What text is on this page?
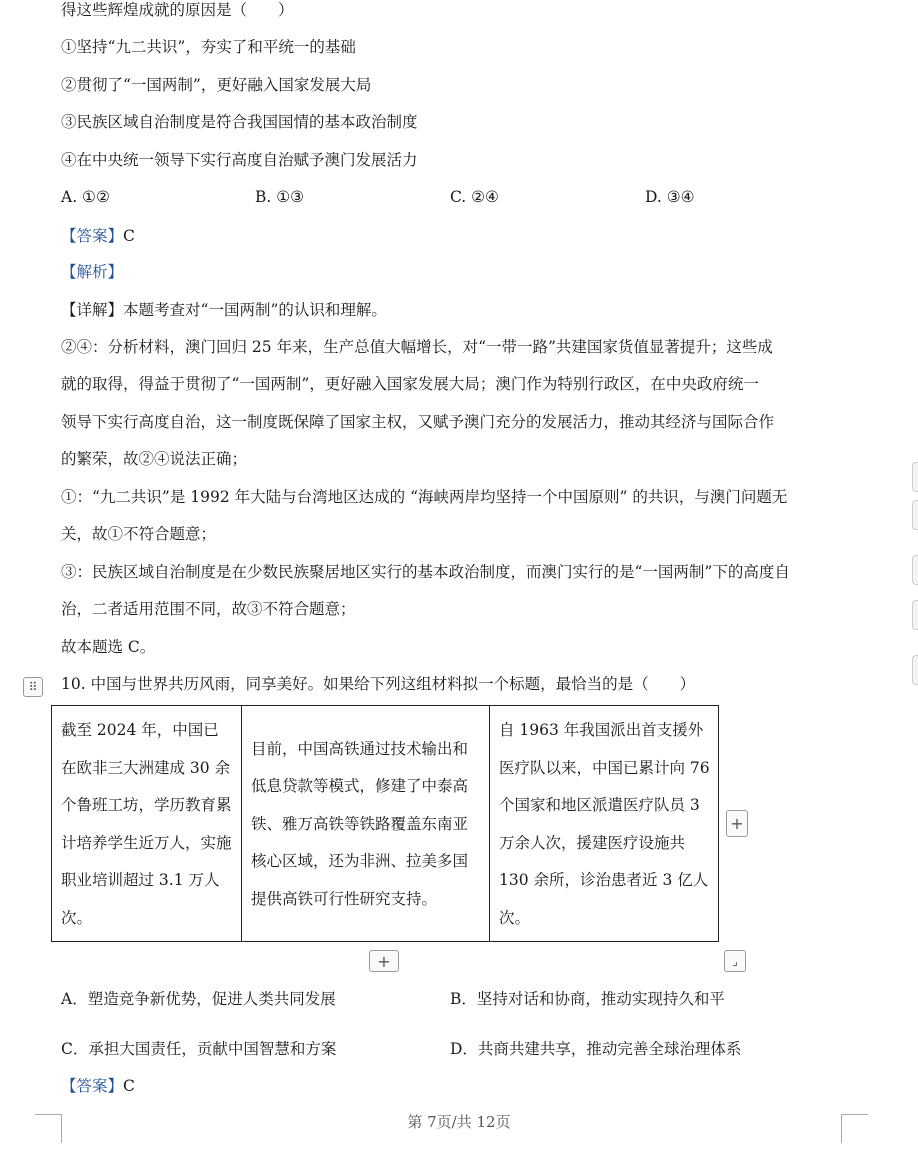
得这些辉煌成就的原因是（　　）
①坚持“九二共识”，夯实了和平统一的基础
②贯彻了“一国两制”，更好融入国家发展大局
③民族区域自治制度是符合我国国情的基本政治制度
④在中央统一领导下实行高度自治赋予澳门发展活力
A. ①②	B. ①③	C. ②④	D. ③④
【答案】C
【解析】
【详解】本题考查对“一国两制”的认识和理解。
②④：分析材料，澳门回归 25 年来，生产总值大幅增长，对“一带一路”共建国家货值显著提升；这些成
就的取得，得益于贯彻了“一国两制”，更好融入国家发展大局；澳门作为特别行政区，在中央政府统一
领导下实行高度自治，这一制度既保障了国家主权，又赋予澳门充分的发展活力，推动其经济与国际合作
的繁荣，故②④说法正确；
①：“九二共识”是 1992 年大陆与台湾地区达成的 “海峡两岸均坚持一个中国原则” 的共识，与澳门问题无
关，故①不符合题意；
③：民族区域自治制度是在少数民族聚居地区实行的基本政治制度，而澳门实行的是“一国两制”下的高度自
治，二者适用范围不同，故③不符合题意；
故本题选 C。
⠿	10. 中国与世界共历风雨，同享美好。如果给下列这组材料拟一个标题，最恰当的是（　　）
截至 2024 年，中国已在欧非三大洲建成 30 余个鲁班工坊，学历教育累计培养学生近万人，实施职业培训超过 3.1 万人次。	目前，中国高铁通过技术输出和低息贷款等模式，修建了中泰高铁、雅万高铁等铁路覆盖东南亚核心区域，还为非洲、拉美多国提供高铁可行性研究支持。	自 1963 年我国派出首支援外医疗队以来，中国已累计向 76 个国家和地区派遣医疗队员 3 万余人次，援建医疗设施共 130 余所，诊治患者近 3 亿人次。
+
+	⌟
A．塑造竞争新优势，促进人类共同发展	B．坚持对话和协商，推动实现持久和平
C．承担大国责任，贡献中国智慧和方案	D．共商共建共享，推动完善全球治理体系
【答案】C
第 7页/共 12页
